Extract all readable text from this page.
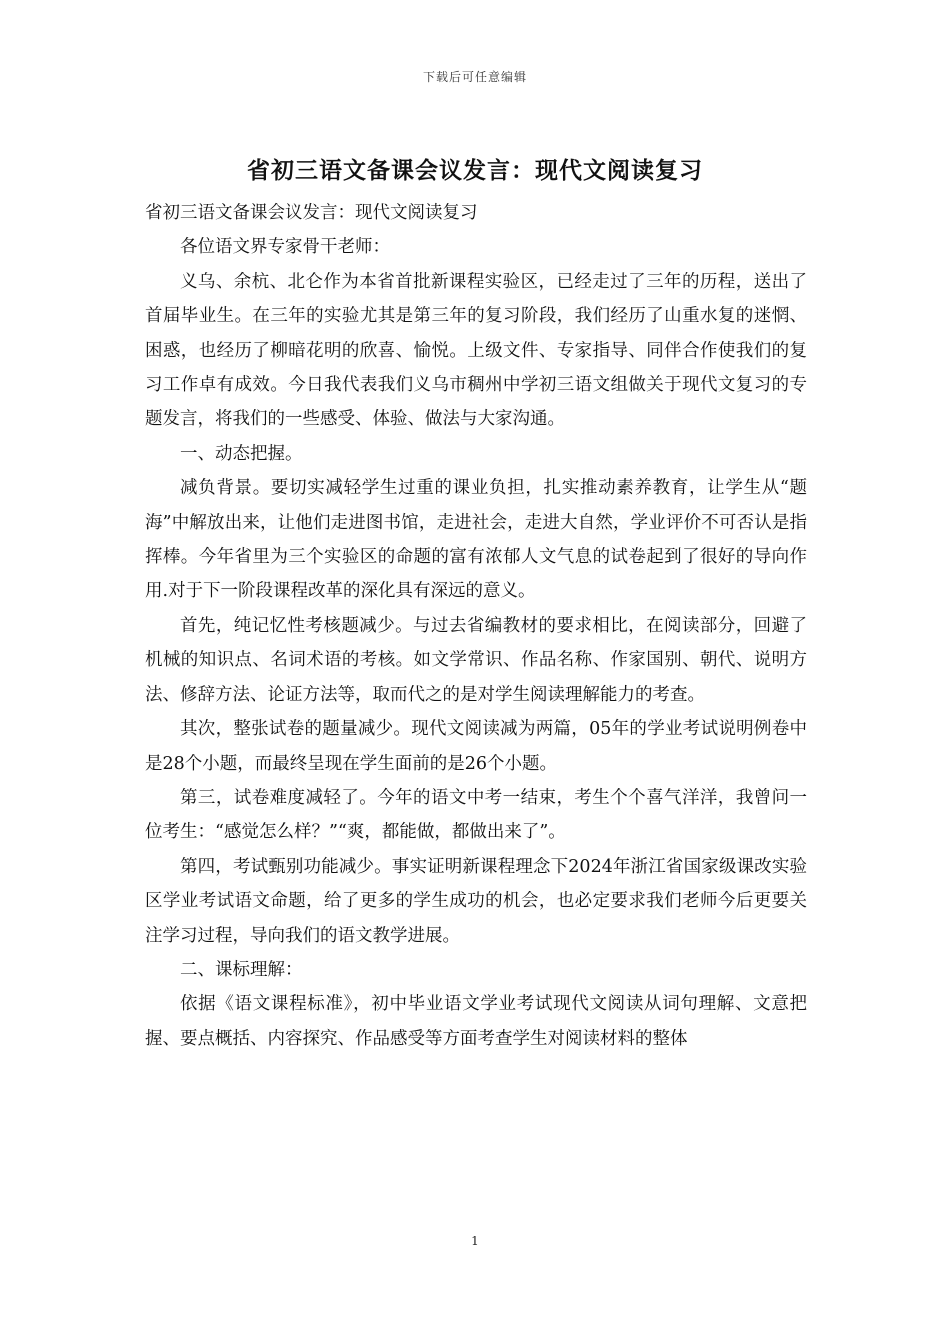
下载后可任意编辑
省初三语文备课会议发言：现代文阅读复习

省初三语文备课会议发言：现代文阅读复习

各位语文界专家骨干老师：

义乌、余杭、北仑作为本省首批新课程实验区，已经走过了三年的历程，送出了首届毕业生。在三年的实验尤其是第三年的复习阶段，我们经历了山重水复的迷惘、困惑，也经历了柳暗花明的欣喜、愉悦。上级文件、专家指导、同伴合作使我们的复习工作卓有成效。今日我代表我们义乌市稠州中学初三语文组做关于现代文复习的专题发言，将我们的一些感受、体验、做法与大家沟通。

一、动态把握。

减负背景。要切实减轻学生过重的课业负担，扎实推动素养教育，让学生从“题海”中解放出来，让他们走进图书馆，走进社会，走进大自然，学业评价不可否认是指挥棒。今年省里为三个实验区的命题的富有浓郁人文气息的试卷起到了很好的导向作用.对于下一阶段课程改革的深化具有深远的意义。

首先，纯记忆性考核题减少。与过去省编教材的要求相比，在阅读部分，回避了机械的知识点、名词术语的考核。如文学常识、作品名称、作家国别、朝代、说明方法、修辞方法、论证方法等，取而代之的是对学生阅读理解能力的考查。

其次，整张试卷的题量减少。现代文阅读减为两篇，05年的学业考试说明例卷中是28个小题，而最终呈现在学生面前的是26个小题。

第三，试卷难度减轻了。今年的语文中考一结束，考生个个喜气洋洋，我曾问一位考生：“感觉怎么样？”“爽，都能做，都做出来了”。

第四，考试甄别功能减少。事实证明新课程理念下2024年浙江省国家级课改实验区学业考试语文命题，给了更多的学生成功的机会，也必定要求我们老师今后更要关注学习过程，导向我们的语文教学进展。

二、课标理解：

依据《语文课程标准》，初中毕业语文学业考试现代文阅读从词句理解、文意把握、要点概括、内容探究、作品感受等方面考查学生对阅读材料的整体

1
